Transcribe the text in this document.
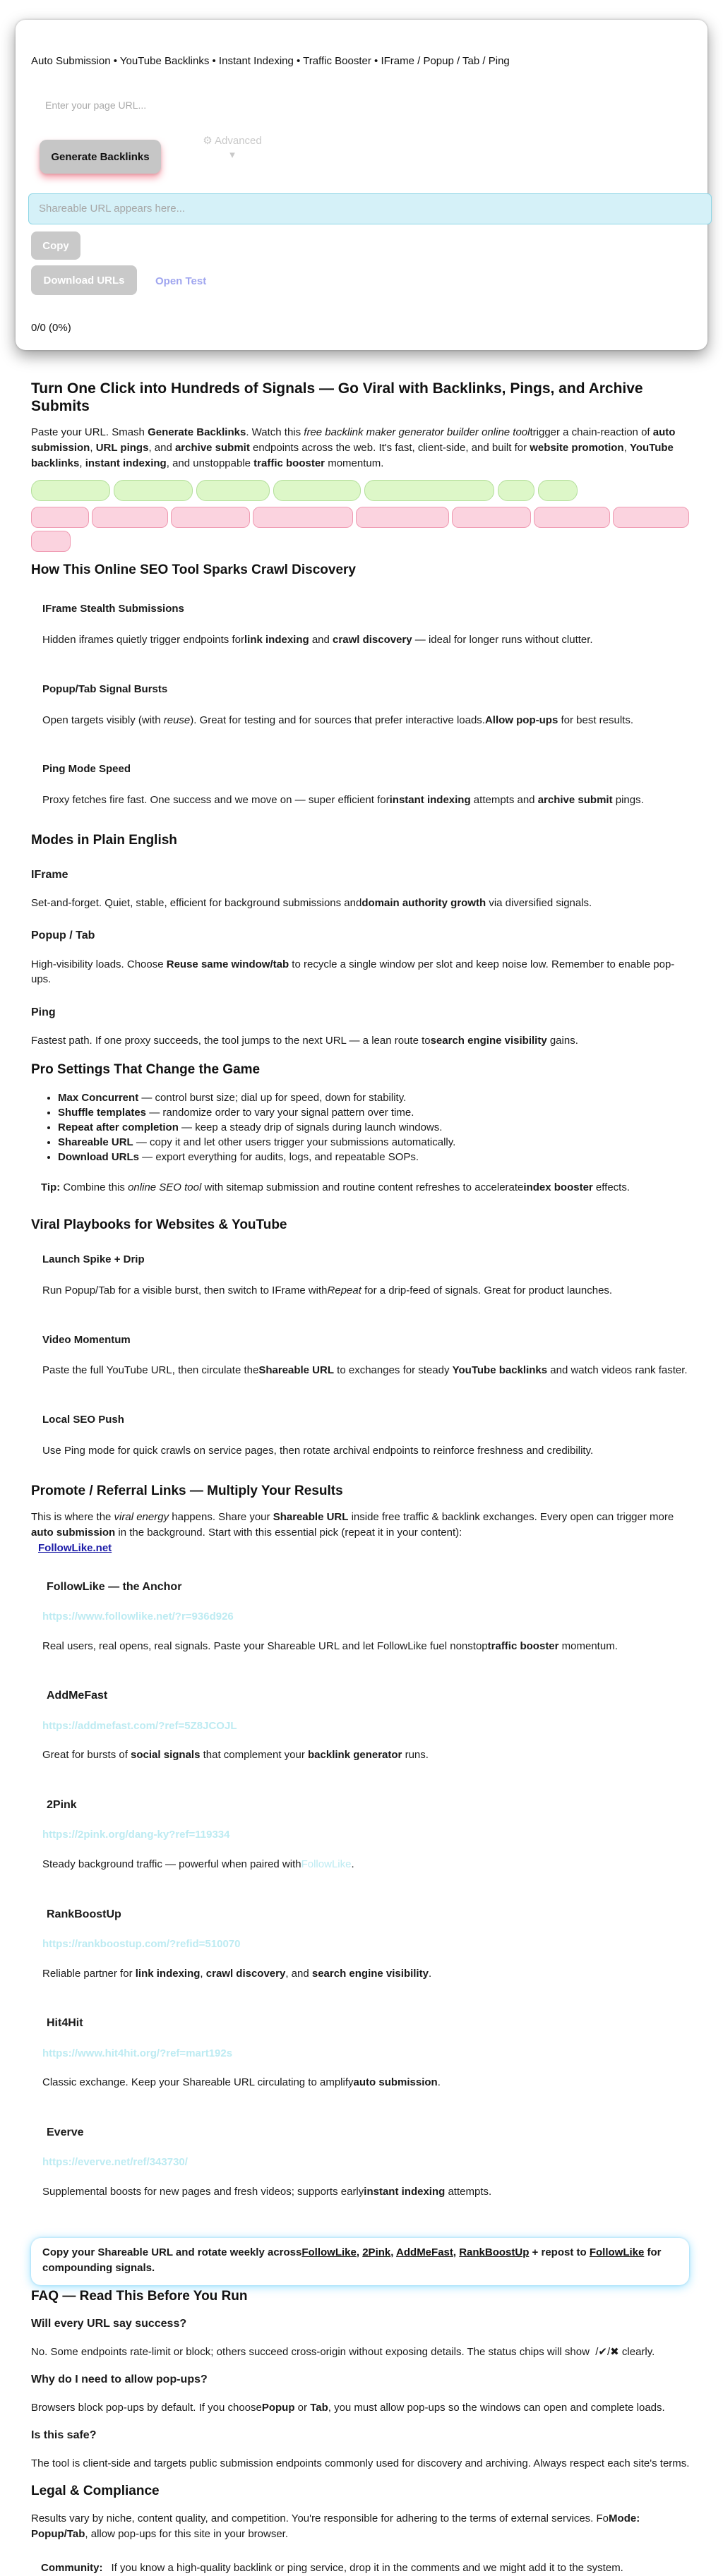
Auto Submission • YouTube Backlinks • Instant Indexing • Traffic Booster • IFrame / Popup / Tab / Ping
Enter your page URL...
Generate Backlinks
⚙ Advanced
▾
Shareable URL appears here...
Copy
Download URLs	Open Test
0/0 (0%)
Turn One Click into Hundreds of Signals — Go Viral with Backlinks, Pings, and Archive Submits

Paste your URL. Smash Generate Backlinks. Watch this free backlink maker generator builder online tooltrigger a chain-reaction of auto submission, URL pings, and archive submit endpoints across the web. It's fast, client-side, and built for website promotion, YouTube backlinks, instant indexing, and unstoppable traffic booster momentum.

How This Online SEO Tool Sparks Crawl Discovery
IFrame Stealth Submissions

Hidden iframes quietly trigger endpoints forlink indexing and crawl discovery — ideal for longer runs without clutter.

Popup/Tab Signal Bursts

Open targets visibly (with reuse). Great for testing and for sources that prefer interactive loads.Allow pop-ups for best results.

Ping Mode Speed

Proxy fetches fire fast. One success and we move on — super efficient forinstant indexing attempts and archive submit pings.

Modes in Plain English
IFrame

Set-and-forget. Quiet, stable, efficient for background submissions anddomain authority growth via diversified signals.

Popup / Tab

High-visibility loads. Choose Reuse same window/tab to recycle a single window per slot and keep noise low. Remember to enable pop-ups.

Ping

Fastest path. If one proxy succeeds, the tool jumps to the next URL — a lean route tosearch engine visibility gains.

Pro Settings That Change the Game
• Max Concurrent — control burst size; dial up for speed, down for stability.
• Shuffle templates — randomize order to vary your signal pattern over time.
• Repeat after completion — keep a steady drip of signals during launch windows.
• Shareable URL — copy it and let other users trigger your submissions automatically.
• Download URLs — export everything for audits, logs, and repeatable SOPs.

Tip: Combine this online SEO tool with sitemap submission and routine content refreshes to accelerateindex booster effects.

Viral Playbooks for Websites & YouTube
Launch Spike + Drip

Run Popup/Tab for a visible burst, then switch to IFrame withRepeat for a drip-feed of signals. Great for product launches.

Video Momentum

Paste the full YouTube URL, then circulate theShareable URL to exchanges for steady YouTube backlinks and watch videos rank faster.

Local SEO Push

Use Ping mode for quick crawls on service pages, then rotate archival endpoints to reinforce freshness and credibility.

Promote / Referral Links — Multiply Your Results

This is where the viral energy happens. Share your Shareable URL inside free traffic & backlink exchanges. Every open can trigger more auto submission in the background. Start with this essential pick (repeat it in your content):
FollowLike.net

FollowLike — the Anchor
https://www.followlike.net/?r=936d926

Real users, real opens, real signals. Paste your Shareable URL and let FollowLike fuel nonstoptraffic booster momentum.

AddMeFast
https://addmefast.com/?ref=5Z8JCOJL

Great for bursts of social signals that complement your backlink generator runs.

2Pink
https://2pink.org/dang-ky?ref=119334

Steady background traffic — powerful when paired withFollowLike.

RankBoostUp
https://rankboostup.com/?refid=510070

Reliable partner for link indexing, crawl discovery, and search engine visibility.

Hit4Hit
https://www.hit4hit.org/?ref=mart192s

Classic exchange. Keep your Shareable URL circulating to amplifyauto submission.

Everve
https://everve.net/ref/343730/

Supplemental boosts for new pages and fresh videos; supports earlyinstant indexing attempts.

Copy your Shareable URL and rotate weekly acrossFollowLike, 2Pink, AddMeFast, RankBoostUp + repost to FollowLike for compounding signals.
FAQ — Read This Before You Run
Will every URL say success?

No. Some endpoints rate-limit or block; others succeed cross-origin without exposing details. The status chips will show /✔/✖ clearly.

Why do I need to allow pop-ups?

Browsers block pop-ups by default. If you choosePopup or Tab, you must allow pop-ups so the windows can open and complete loads.

Is this safe?

The tool is client-side and targets public submission endpoints commonly used for discovery and archiving. Always respect each site's terms.

Legal & Compliance

Results vary by niche, content quality, and competition. You're responsible for adhering to the terms of external services. FoMode: Popup/Tab, allow pop-ups for this site in your browser.

Community: If you know a high-quality backlink or ping service, drop it in the comments and we might add it to the system.
